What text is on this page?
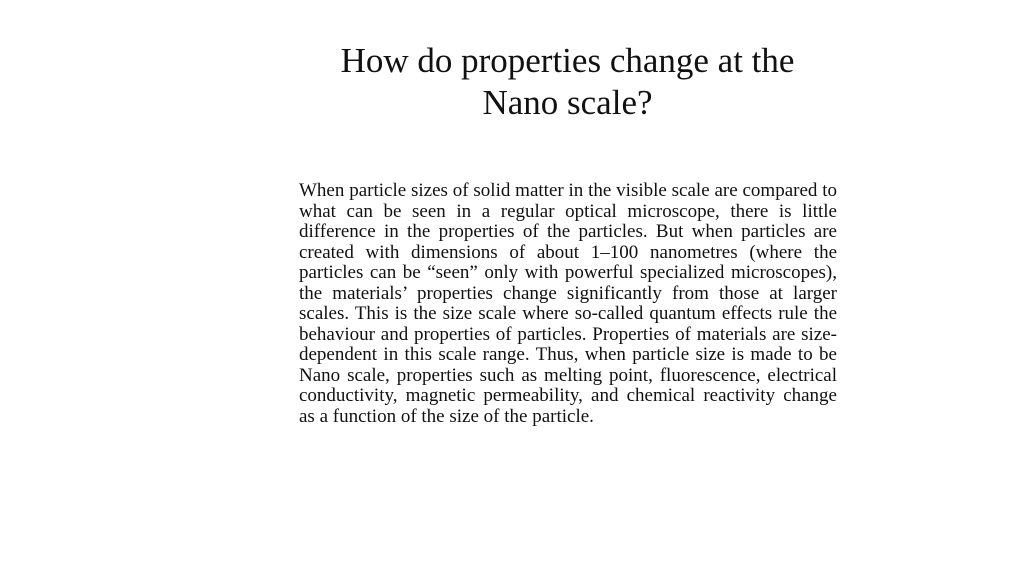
How do properties change at the
Nano scale?

When particle sizes of solid matter in the visible scale are compared to what can be seen in a regular optical microscope, there is little difference in the properties of the particles. But when particles are created with dimensions of about 1–100 nanometres (where the particles can be “seen” only with powerful specialized microscopes), the materials’ properties change significantly from those at larger scales. This is the size scale where so-called quantum effects rule the behaviour and properties of particles. Properties of materials are size-dependent in this scale range. Thus, when particle size is made to be Nano scale, properties such as melting point, fluorescence, electrical conductivity, magnetic permeability, and chemical reactivity change as a function of the size of the particle.
